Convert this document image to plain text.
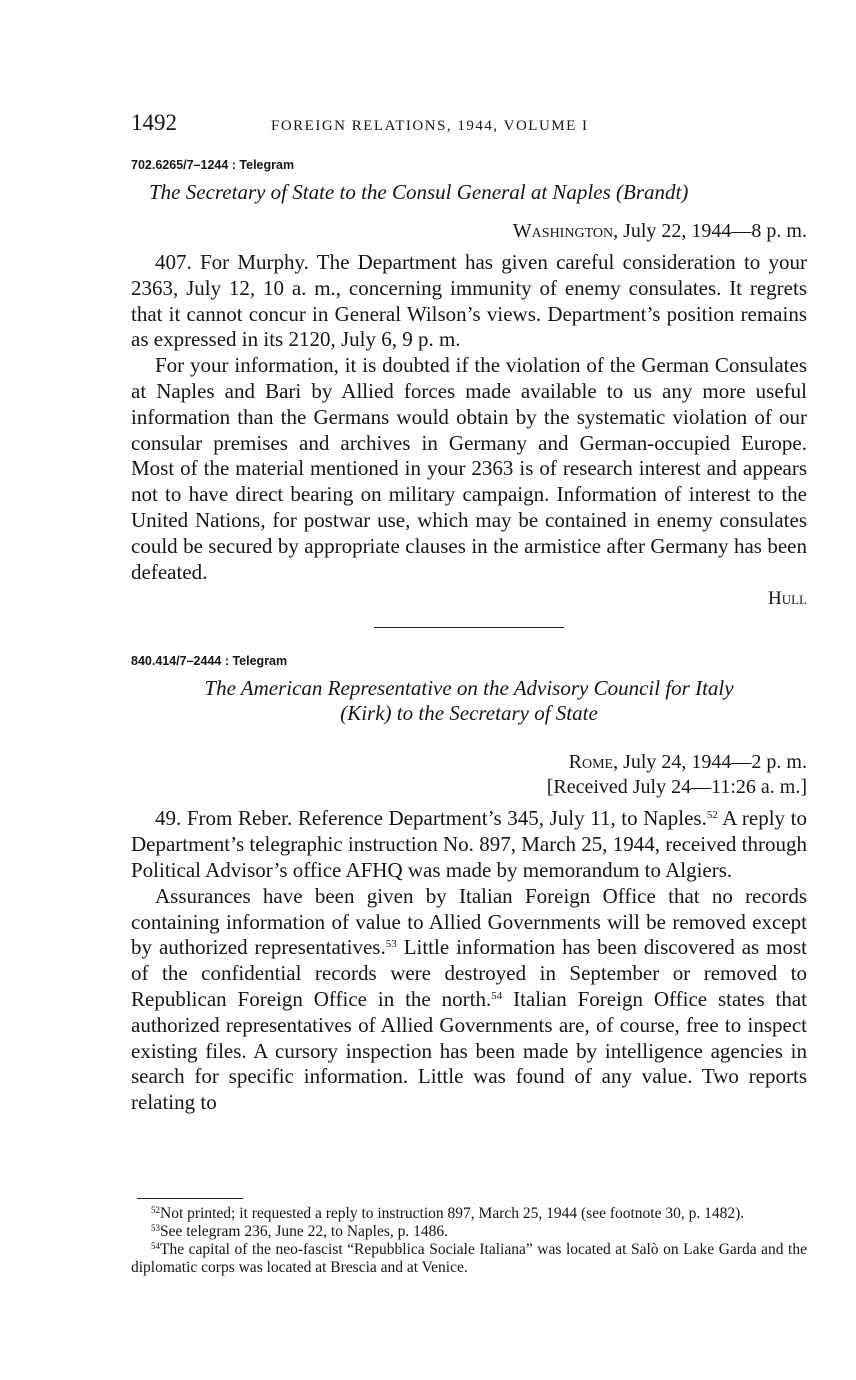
1492	FOREIGN RELATIONS, 1944, VOLUME I
702.6265/7–1244 : Telegram
The Secretary of State to the Consul General at Naples (Brandt)
Washington, July 22, 1944—8 p. m.

407. For Murphy. The Department has given careful consideration to your 2363, July 12, 10 a. m., concerning immunity of enemy consulates. It regrets that it cannot concur in General Wilson’s views. Department’s position remains as expressed in its 2120, July 6, 9 p. m.

For your information, it is doubted if the violation of the German Consulates at Naples and Bari by Allied forces made available to us any more useful information than the Germans would obtain by the systematic violation of our consular premises and archives in Germany and German-occupied Europe. Most of the material mentioned in your 2363 is of research interest and appears not to have direct bearing on military campaign. Information of interest to the United Nations, for postwar use, which may be contained in enemy consulates could be secured by appropriate clauses in the armistice after Germany has been defeated.

Hull
840.414/7–2444 : Telegram
The American Representative on the Advisory Council for Italy
(Kirk) to the Secretary of State
Rome, July 24, 1944—2 p. m.
[Received July 24—11:26 a. m.]

49. From Reber. Reference Department’s 345, July 11, to Naples.$^{52}$ A reply to Department’s telegraphic instruction No. 897, March 25, 1944, received through Political Advisor’s office AFHQ was made by memorandum to Algiers.

Assurances have been given by Italian Foreign Office that no records containing information of value to Allied Governments will be removed except by authorized representatives.$^{53}$ Little information has been discovered as most of the confidential records were destroyed in September or removed to Republican Foreign Office in the north.$^{54}$ Italian Foreign Office states that authorized representatives of Allied Governments are, of course, free to inspect existing files. A cursory inspection has been made by intelligence agencies in search for specific information. Little was found of any value. Two reports relating to

$^{52}$Not printed; it requested a reply to instruction 897, March 25, 1944 (see footnote 30, p. 1482).

$^{53}$See telegram 236, June 22, to Naples, p. 1486.

$^{54}$The capital of the neo-fascist “Repubblica Sociale Italiana” was located at Salò on Lake Garda and the diplomatic corps was located at Brescia and at Venice.
